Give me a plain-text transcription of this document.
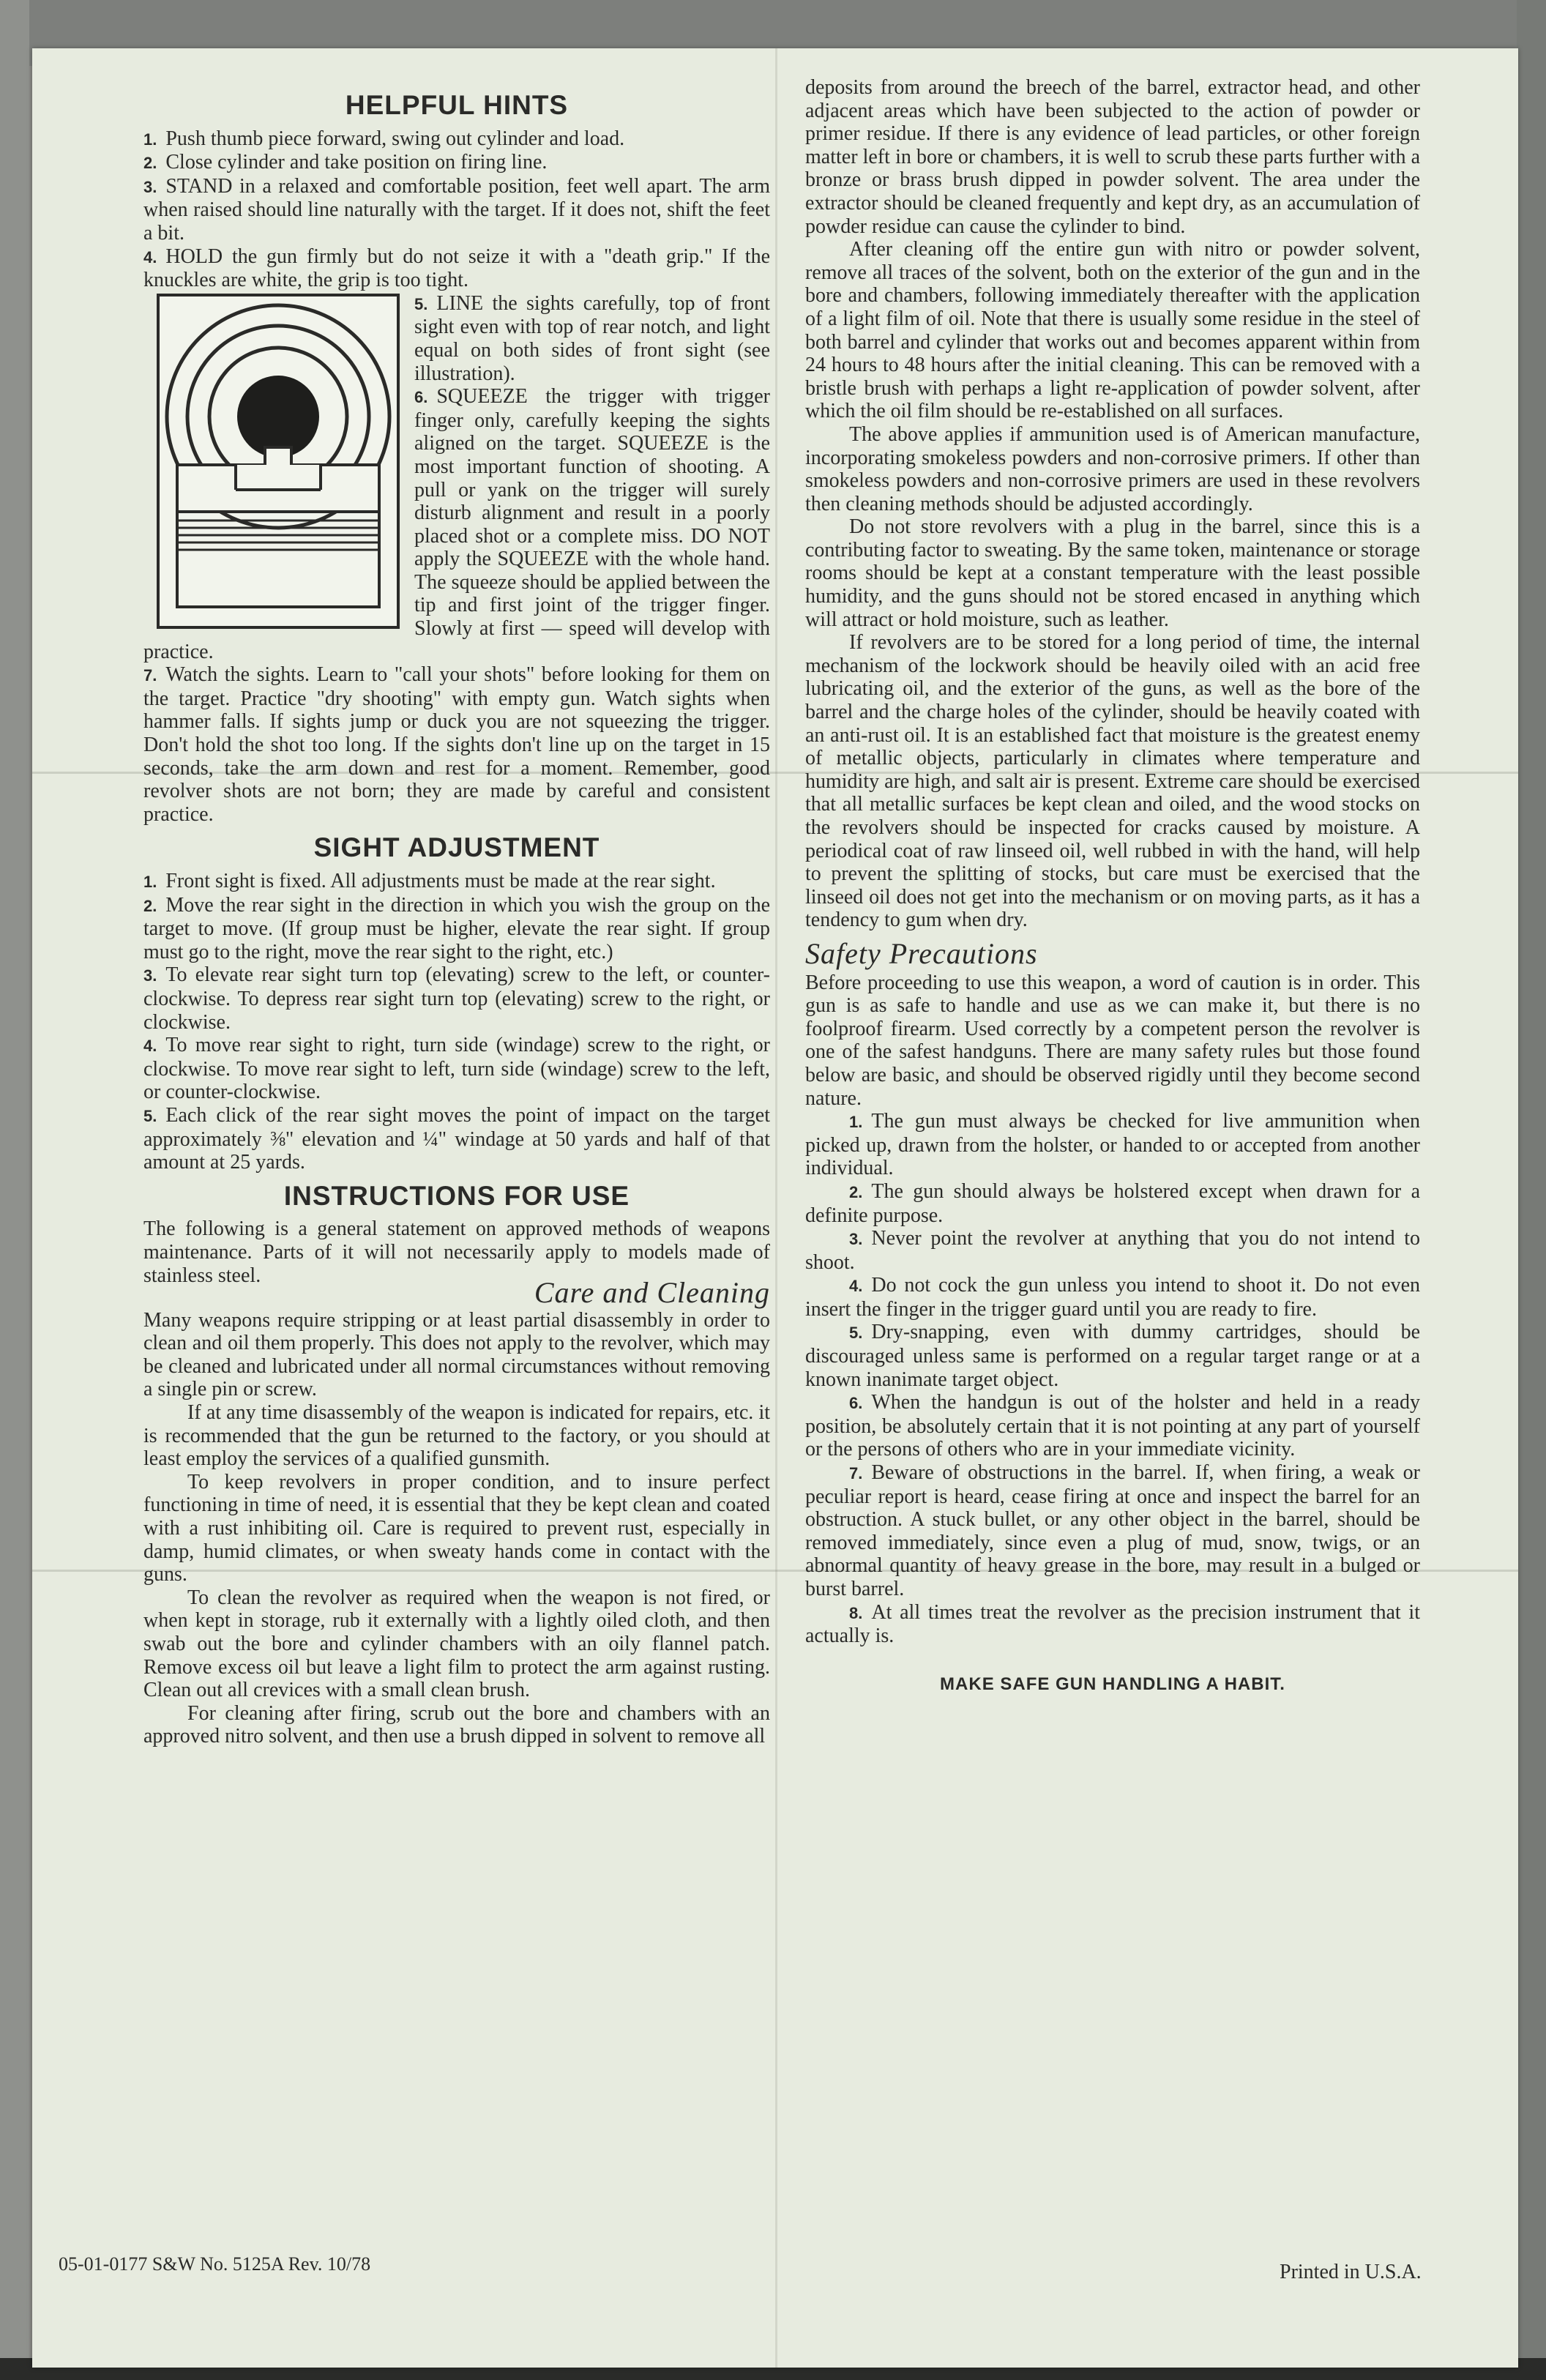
HELPFUL HINTS

1. Push thumb piece forward, swing out cylinder and load.

2. Close cylinder and take position on firing line.

3. STAND in a relaxed and comfortable position, feet well apart. The arm when raised should line naturally with the target. If it does not, shift the feet a bit.

4. HOLD the gun firmly but do not seize it with a "death grip." If the knuckles are white, the grip is too tight.

5. LINE the sights carefully, top of front sight even with top of rear notch, and light equal on both sides of front sight (see illustration).

6. SQUEEZE the trigger with trigger finger only, carefully keeping the sights aligned on the target. SQUEEZE is the most important function of shooting. A pull or yank on the trigger will surely disturb alignment and result in a poorly placed shot or a complete miss. DO NOT apply the SQUEEZE with the whole hand. The squeeze should be applied between the tip and first joint of the trigger finger. Slowly at first — speed will develop with practice.

7. Watch the sights. Learn to "call your shots" before looking for them on the target. Practice "dry shooting" with empty gun. Watch sights when hammer falls. If sights jump or duck you are not squeezing the trigger. Don't hold the shot too long. If the sights don't line up on the target in 15 seconds, take the arm down and rest for a moment. Remember, good revolver shots are not born; they are made by careful and consistent practice.

SIGHT ADJUSTMENT

1. Front sight is fixed. All adjustments must be made at the rear sight.

2. Move the rear sight in the direction in which you wish the group on the target to move. (If group must be higher, elevate the rear sight. If group must go to the right, move the rear sight to the right, etc.)

3. To elevate rear sight turn top (elevating) screw to the left, or counter-clockwise. To depress rear sight turn top (elevating) screw to the right, or clockwise.

4. To move rear sight to right, turn side (windage) screw to the right, or clockwise. To move rear sight to left, turn side (windage) screw to the left, or counter-clockwise.

5. Each click of the rear sight moves the point of impact on the target approximately ⅜" elevation and ¼" windage at 50 yards and half of that amount at 25 yards.

INSTRUCTIONS FOR USE

The following is a general statement on approved methods of weapons maintenance. Parts of it will not necessarily apply to models made of stainless steel.

Care and Cleaning

Many weapons require stripping or at least partial disassembly in order to clean and oil them properly. This does not apply to the revolver, which may be cleaned and lubricated under all normal circumstances without removing a single pin or screw.

If at any time disassembly of the weapon is indicated for repairs, etc. it is recommended that the gun be returned to the factory, or you should at least employ the services of a qualified gunsmith.

To keep revolvers in proper condition, and to insure perfect functioning in time of need, it is essential that they be kept clean and coated with a rust inhibiting oil. Care is required to prevent rust, especially in damp, humid climates, or when sweaty hands come in contact with the guns.

To clean the revolver as required when the weapon is not fired, or when kept in storage, rub it externally with a lightly oiled cloth, and then swab out the bore and cylinder chambers with an oily flannel patch. Remove excess oil but leave a light film to protect the arm against rusting. Clean out all crevices with a small clean brush.

For cleaning after firing, scrub out the bore and chambers with an approved nitro solvent, and then use a brush dipped in solvent to remove all

deposits from around the breech of the barrel, extractor head, and other adjacent areas which have been subjected to the action of powder or primer residue. If there is any evidence of lead particles, or other foreign matter left in bore or chambers, it is well to scrub these parts further with a bronze or brass brush dipped in powder solvent. The area under the extractor should be cleaned frequently and kept dry, as an accumulation of powder residue can cause the cylinder to bind.

After cleaning off the entire gun with nitro or powder solvent, remove all traces of the solvent, both on the exterior of the gun and in the bore and chambers, following immediately thereafter with the application of a light film of oil. Note that there is usually some residue in the steel of both barrel and cylinder that works out and becomes apparent within from 24 hours to 48 hours after the initial cleaning. This can be removed with a bristle brush with perhaps a light re-application of powder solvent, after which the oil film should be re-established on all surfaces.

The above applies if ammunition used is of American manufacture, incorporating smokeless powders and non-corrosive primers. If other than smokeless powders and non-corrosive primers are used in these revolvers then cleaning methods should be adjusted accordingly.

Do not store revolvers with a plug in the barrel, since this is a contributing factor to sweating. By the same token, maintenance or storage rooms should be kept at a constant temperature with the least possible humidity, and the guns should not be stored encased in anything which will attract or hold moisture, such as leather.

If revolvers are to be stored for a long period of time, the internal mechanism of the lockwork should be heavily oiled with an acid free lubricating oil, and the exterior of the guns, as well as the bore of the barrel and the charge holes of the cylinder, should be heavily coated with an anti-rust oil. It is an established fact that moisture is the greatest enemy of metallic objects, particularly in climates where temperature and humidity are high, and salt air is present. Extreme care should be exercised that all metallic surfaces be kept clean and oiled, and the wood stocks on the revolvers should be inspected for cracks caused by moisture. A periodical coat of raw linseed oil, well rubbed in with the hand, will help to prevent the splitting of stocks, but care must be exercised that the linseed oil does not get into the mechanism or on moving parts, as it has a tendency to gum when dry.

Safety Precautions

Before proceeding to use this weapon, a word of caution is in order. This gun is as safe to handle and use as we can make it, but there is no foolproof firearm. Used correctly by a competent person the revolver is one of the safest handguns. There are many safety rules but those found below are basic, and should be observed rigidly until they become second nature.

1. The gun must always be checked for live ammunition when picked up, drawn from the holster, or handed to or accepted from another individual.

2. The gun should always be holstered except when drawn for a definite purpose.

3. Never point the revolver at anything that you do not intend to shoot.

4. Do not cock the gun unless you intend to shoot it. Do not even insert the finger in the trigger guard until you are ready to fire.

5. Dry-snapping, even with dummy cartridges, should be discouraged unless same is performed on a regular target range or at a known inanimate target object.

6. When the handgun is out of the holster and held in a ready position, be absolutely certain that it is not pointing at any part of yourself or the persons of others who are in your immediate vicinity.

7. Beware of obstructions in the barrel. If, when firing, a weak or peculiar report is heard, cease firing at once and inspect the barrel for an obstruction. A stuck bullet, or any other object in the barrel, should be removed immediately, since even a plug of mud, snow, twigs, or an abnormal quantity of heavy grease in the bore, may result in a bulged or burst barrel.

8. At all times treat the revolver as the precision instrument that it actually is.

MAKE SAFE GUN HANDLING A HABIT.
05-01-0177 S&W No. 5125A Rev. 10/78	Printed in U.S.A.
